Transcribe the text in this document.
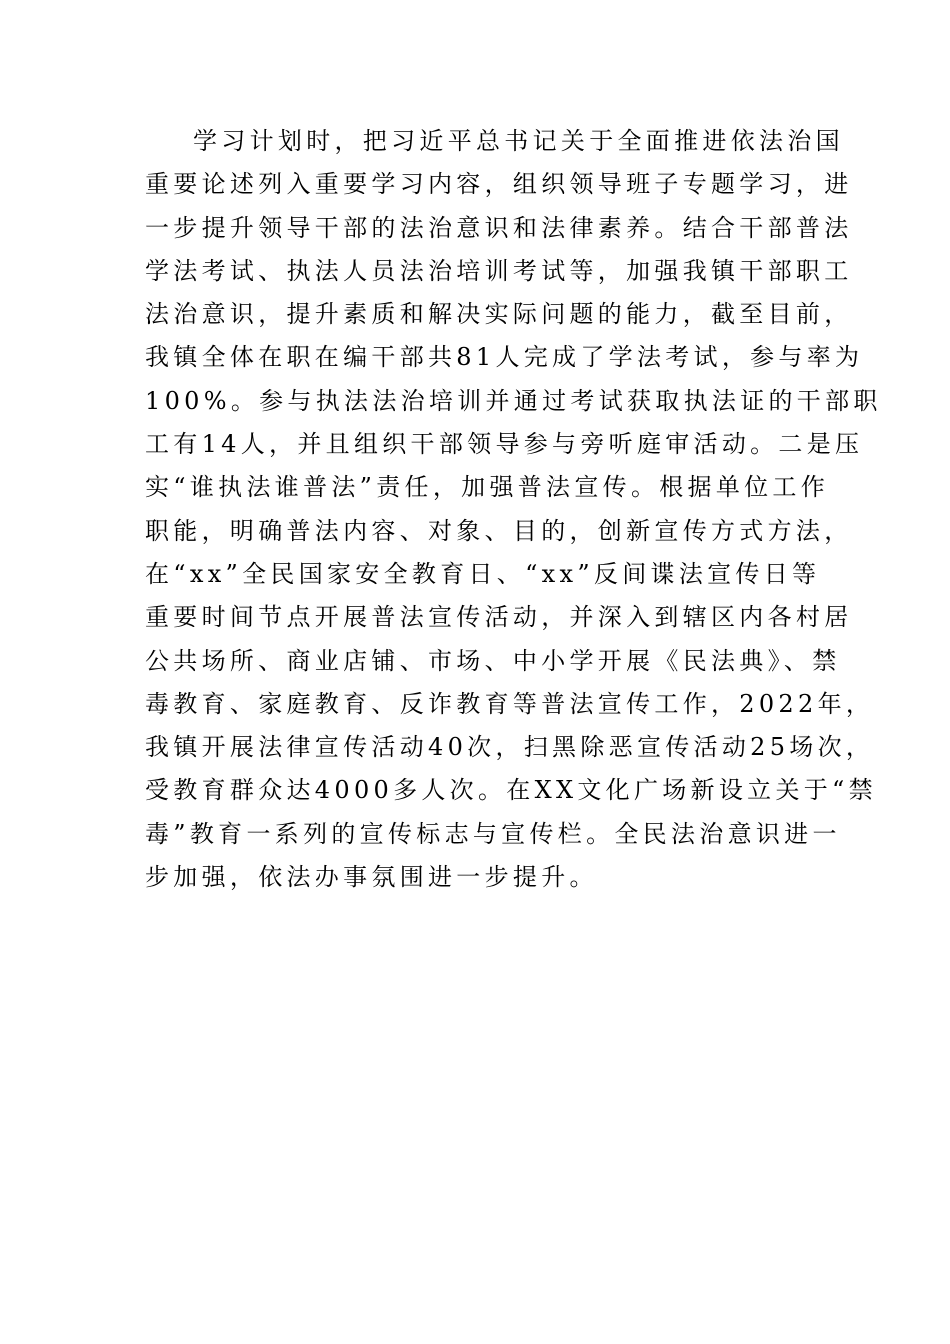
学习计划时，把习近平总书记关于全面推进依法治国
重要论述列入重要学习内容，组织领导班子专题学习，进
一步提升领导干部的法治意识和法律素养。结合干部普法
学法考试、执法人员法治培训考试等，加强我镇干部职工
法治意识，提升素质和解决实际问题的能力，截至目前，
我镇全体在职在编干部共81人完成了学法考试，参与率为
100%。参与执法法治培训并通过考试获取执法证的干部职
工有14人，并且组织干部领导参与旁听庭审活动。二是压
实“谁执法谁普法”责任，加强普法宣传。根据单位工作
职能，明确普法内容、对象、目的，创新宣传方式方法，
在“xx”全民国家安全教育日、“xx”反间谍法宣传日等
重要时间节点开展普法宣传活动，并深入到辖区内各村居
公共场所、商业店铺、市场、中小学开展《民法典》、禁
毒教育、家庭教育、反诈教育等普法宣传工作，2022年，
我镇开展法律宣传活动40次，扫黑除恶宣传活动25场次，
受教育群众达4000多人次。在XX文化广场新设立关于“禁
毒”教育一系列的宣传标志与宣传栏。全民法治意识进一
步加强，依法办事氛围进一步提升。
